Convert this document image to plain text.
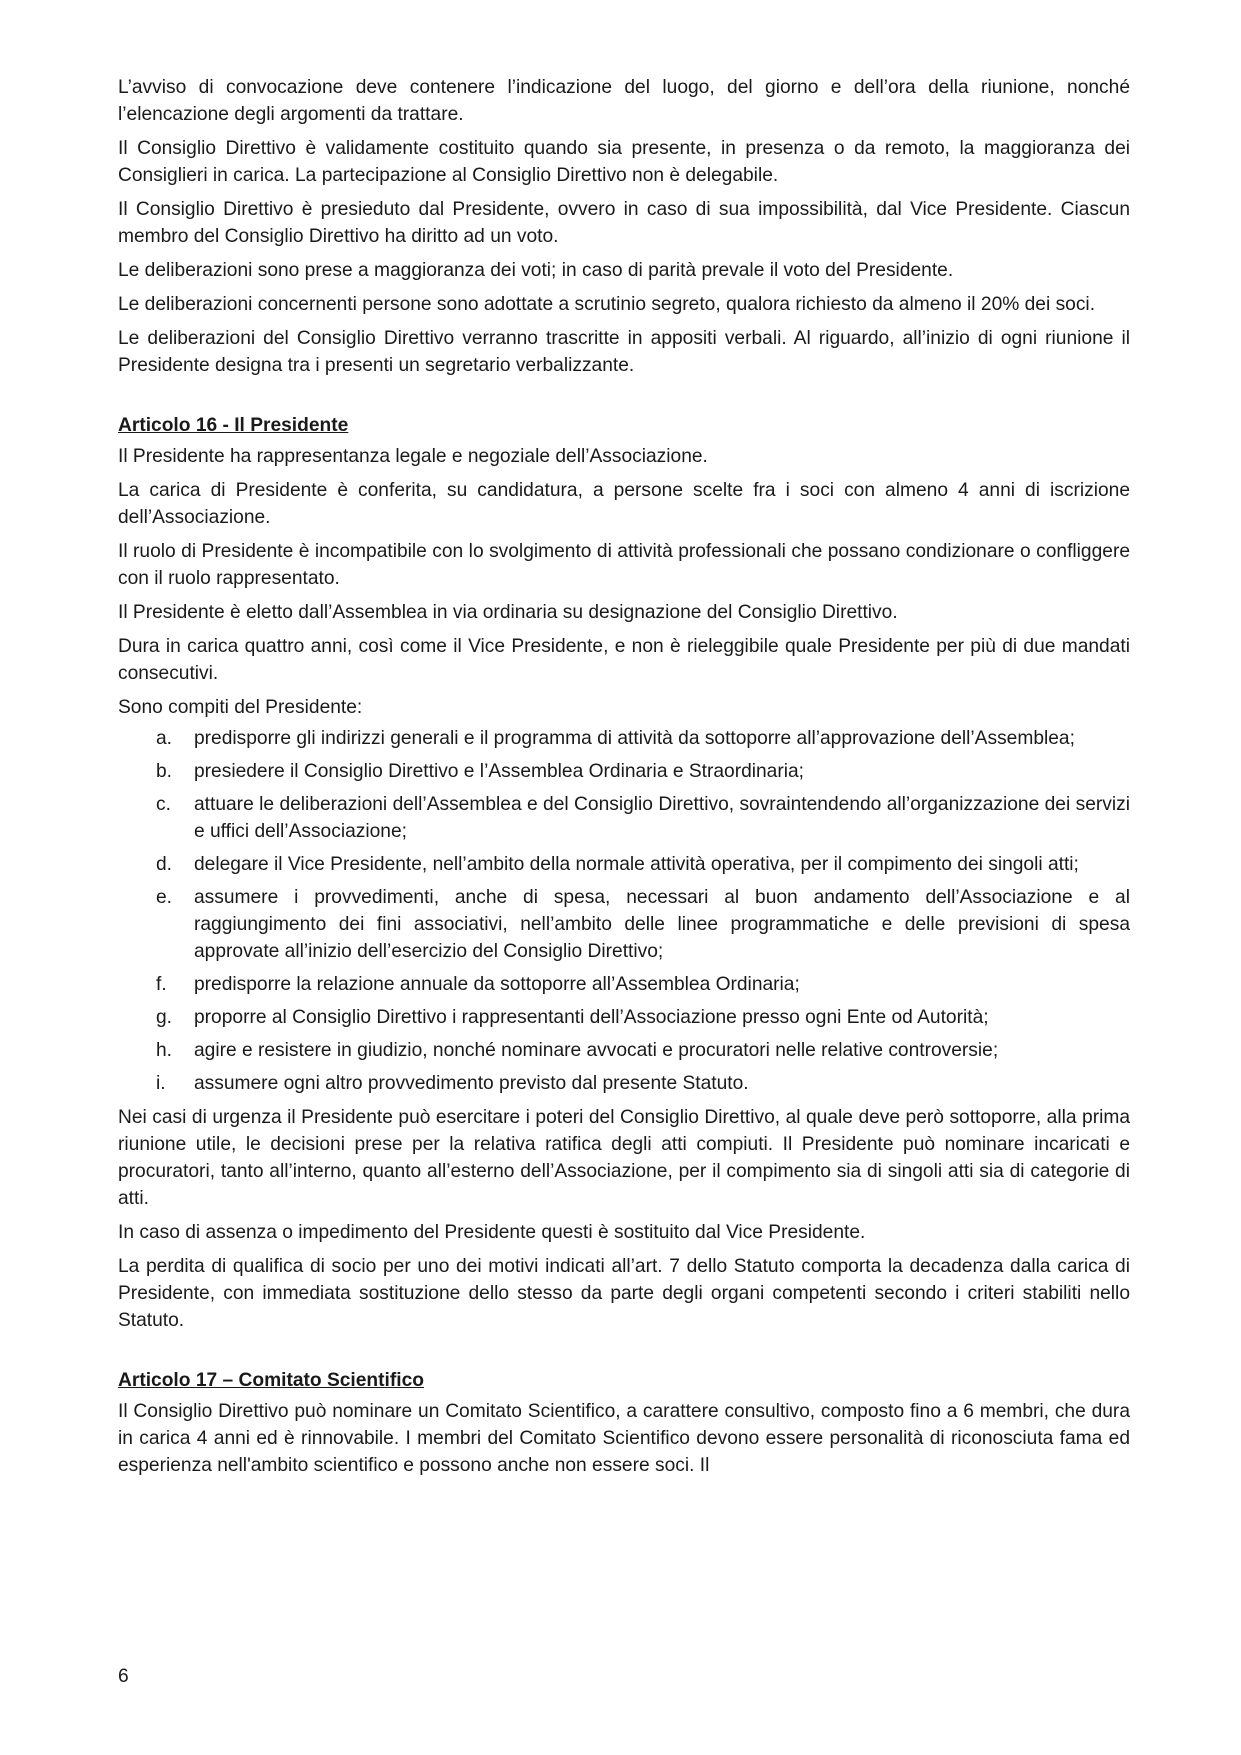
L’avviso di convocazione deve contenere l’indicazione del luogo, del giorno e dell’ora della riunione, nonché l’elencazione degli argomenti da trattare.

Il Consiglio Direttivo è validamente costituito quando sia presente, in presenza o da remoto, la maggioranza dei Consiglieri in carica. La partecipazione al Consiglio Direttivo non è delegabile.

Il Consiglio Direttivo è presieduto dal Presidente, ovvero in caso di sua impossibilità, dal Vice Presidente. Ciascun membro del Consiglio Direttivo ha diritto ad un voto.

Le deliberazioni sono prese a maggioranza dei voti; in caso di parità prevale il voto del Presidente.

Le deliberazioni concernenti persone sono adottate a scrutinio segreto, qualora richiesto da almeno il 20% dei soci.

Le deliberazioni del Consiglio Direttivo verranno trascritte in appositi verbali. Al riguardo, all’inizio di ogni riunione il Presidente designa tra i presenti un segretario verbalizzante.

Articolo 16 - Il Presidente

Il Presidente ha rappresentanza legale e negoziale dell’Associazione.

La carica di Presidente è conferita, su candidatura, a persone scelte fra i soci con almeno 4 anni di iscrizione dell’Associazione.

Il ruolo di Presidente è incompatibile con lo svolgimento di attività professionali che possano condizionare o confliggere con il ruolo rappresentato.

Il Presidente è eletto dall’Assemblea in via ordinaria su designazione del Consiglio Direttivo.

Dura in carica quattro anni, così come il Vice Presidente, e non è rieleggibile quale Presidente per più di due mandati consecutivi.

Sono compiti del Presidente:

a.	predisporre gli indirizzi generali e il programma di attività da sottoporre all’approvazione dell’Assemblea;
b.	presiedere il Consiglio Direttivo e l’Assemblea Ordinaria e Straordinaria;
c.	attuare le deliberazioni dell’Assemblea e del Consiglio Direttivo, sovraintendendo all’organizzazione dei servizi e uffici dell’Associazione;
d.	delegare il Vice Presidente, nell’ambito della normale attività operativa, per il compimento dei singoli atti;
e.	assumere i provvedimenti, anche di spesa, necessari al buon andamento dell’Associazione e al raggiungimento dei fini associativi, nell’ambito delle linee programmatiche e delle previsioni di spesa approvate all’inizio dell’esercizio del Consiglio Direttivo;
f.	predisporre la relazione annuale da sottoporre all’Assemblea Ordinaria;
g.	proporre al Consiglio Direttivo i rappresentanti dell’Associazione presso ogni Ente od Autorità;
h.	agire e resistere in giudizio, nonché nominare avvocati e procuratori nelle relative controversie;
i.	assumere ogni altro provvedimento previsto dal presente Statuto.

Nei casi di urgenza il Presidente può esercitare i poteri del Consiglio Direttivo, al quale deve però sottoporre, alla prima riunione utile, le decisioni prese per la relativa ratifica degli atti compiuti. Il Presidente può nominare incaricati e procuratori, tanto all’interno, quanto all’esterno dell’Associazione, per il compimento sia di singoli atti sia di categorie di atti.

In caso di assenza o impedimento del Presidente questi è sostituito dal Vice Presidente.

La perdita di qualifica di socio per uno dei motivi indicati all’art. 7 dello Statuto comporta la decadenza dalla carica di Presidente, con immediata sostituzione dello stesso da parte degli organi competenti secondo i criteri stabiliti nello Statuto.

Articolo 17 – Comitato Scientifico

Il Consiglio Direttivo può nominare un Comitato Scientifico, a carattere consultivo, composto fino a 6 membri, che dura in carica 4 anni ed è rinnovabile. I membri del Comitato Scientifico devono essere personalità di riconosciuta fama ed esperienza nell'ambito scientifico e possono anche non essere soci. Il

6
